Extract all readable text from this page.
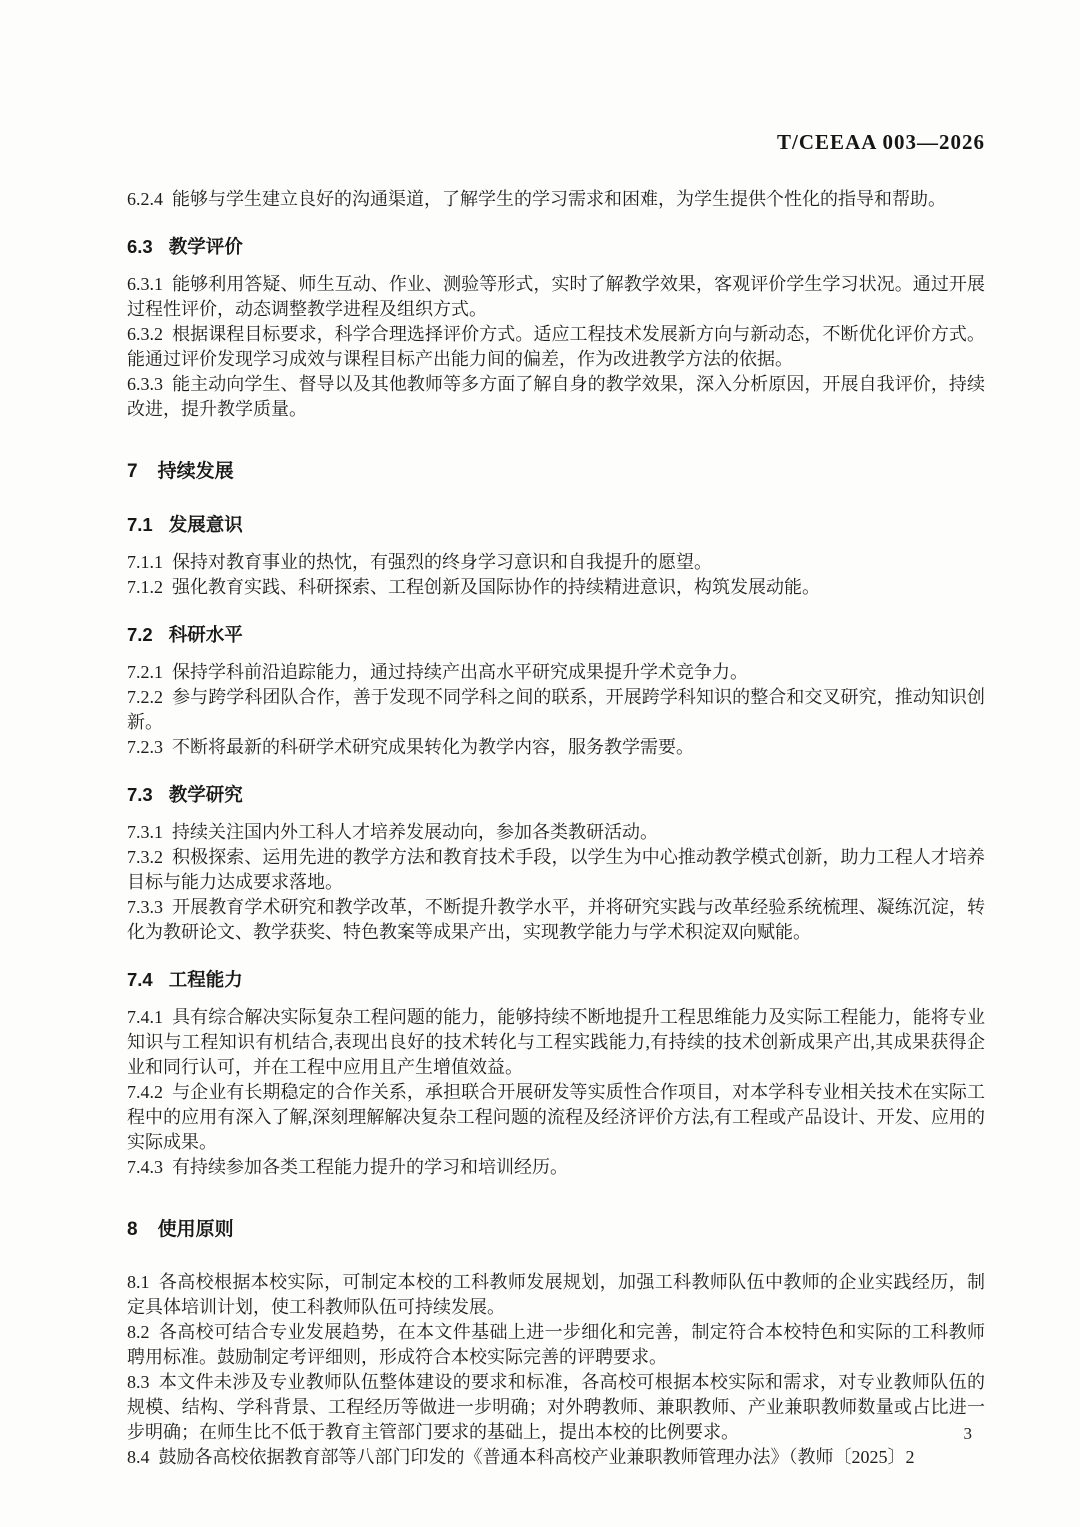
T/CEEAA 003—2026

6.2.4 能够与学生建立良好的沟通渠道，了解学生的学习需求和困难，为学生提供个性化的指导和帮助。

6.3 教学评价

6.3.1 能够利用答疑、师生互动、作业、测验等形式，实时了解教学效果，客观评价学生学习状况。通过开展过程性评价，动态调整教学进程及组织方式。

6.3.2 根据课程目标要求，科学合理选择评价方式。适应工程技术发展新方向与新动态，不断优化评价方式。能通过评价发现学习成效与课程目标产出能力间的偏差，作为改进教学方法的依据。

6.3.3 能主动向学生、督导以及其他教师等多方面了解自身的教学效果，深入分析原因，开展自我评价，持续改进，提升教学质量。

7 持续发展
7.1 发展意识

7.1.1 保持对教育事业的热忱，有强烈的终身学习意识和自我提升的愿望。

7.1.2 强化教育实践、科研探索、工程创新及国际协作的持续精进意识，构筑发展动能。

7.2 科研水平

7.2.1 保持学科前沿追踪能力，通过持续产出高水平研究成果提升学术竞争力。

7.2.2 参与跨学科团队合作，善于发现不同学科之间的联系，开展跨学科知识的整合和交叉研究，推动知识创新。

7.2.3 不断将最新的科研学术研究成果转化为教学内容，服务教学需要。

7.3 教学研究

7.3.1 持续关注国内外工科人才培养发展动向，参加各类教研活动。

7.3.2 积极探索、运用先进的教学方法和教育技术手段，以学生为中心推动教学模式创新，助力工程人才培养目标与能力达成要求落地。

7.3.3 开展教育学术研究和教学改革，不断提升教学水平，并将研究实践与改革经验系统梳理、凝练沉淀，转化为教研论文、教学获奖、特色教案等成果产出，实现教学能力与学术积淀双向赋能。

7.4 工程能力

7.4.1 具有综合解决实际复杂工程问题的能力，能够持续不断地提升工程思维能力及实际工程能力，能将专业知识与工程知识有机结合,表现出良好的技术转化与工程实践能力,有持续的技术创新成果产出,其成果获得企业和同行认可，并在工程中应用且产生增值效益。

7.4.2 与企业有长期稳定的合作关系，承担联合开展研发等实质性合作项目，对本学科专业相关技术在实际工程中的应用有深入了解,深刻理解解决复杂工程问题的流程及经济评价方法,有工程或产品设计、开发、应用的实际成果。

7.4.3 有持续参加各类工程能力提升的学习和培训经历。

8 使用原则

8.1 各高校根据本校实际，可制定本校的工科教师发展规划，加强工科教师队伍中教师的企业实践经历，制定具体培训计划，使工科教师队伍可持续发展。

8.2 各高校可结合专业发展趋势，在本文件基础上进一步细化和完善，制定符合本校特色和实际的工科教师聘用标准。鼓励制定考评细则，形成符合本校实际完善的评聘要求。

8.3 本文件未涉及专业教师队伍整体建设的要求和标准，各高校可根据本校实际和需求，对专业教师队伍的规模、结构、学科背景、工程经历等做进一步明确；对外聘教师、兼职教师、产业兼职教师数量或占比进一步明确；在师生比不低于教育主管部门要求的基础上，提出本校的比例要求。

8.4 鼓励各高校依据教育部等八部门印发的《普通本科高校产业兼职教师管理办法》（教师〔2025〕2

3
